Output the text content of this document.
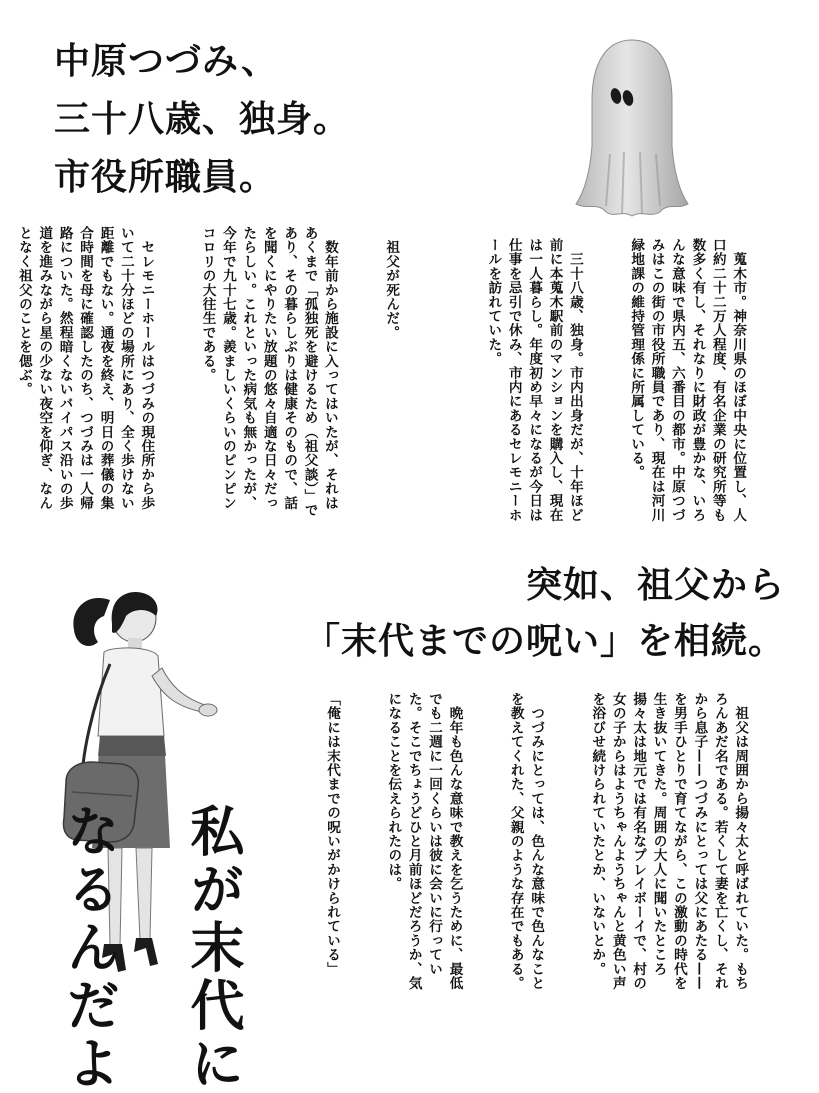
中原つづみ、
三十八歳、独身。
市役所職員。

　蒐木市。神奈川県のほぼ中央に位置し、人口約二十二万人程度、有名企業の研究所等も数多く有し、それなりに財政が豊かな、いろんな意味で県内五、六番目の都市。中原つづみはこの街の市役所職員であり、現在は河川緑地課の維持管理係に所属している。

　三十八歳、独身。市内出身だが、十年ほど前に本蒐木駅前のマンションを購入し、現在は一人暮らし。年度初め早々になるが今日は仕事を忌引で休み、市内にあるセレモニーホールを訪れていた。

　祖父が死んだ。

　数年前から施設に入ってはいたが、それはあくまで「孤独死を避けるため（祖父談）」であり、その暮らしぶりは健康そのもので、話を聞くにやりたい放題の悠々自適な日々だったらしい。これといった病気も無かったが、今年で九十七歳。羨ましいくらいのピンピンコロリの大往生である。

　セレモニーホールはつづみの現住所から歩いて二十分ほどの場所にあり、全く歩けない距離でもない。通夜を終え、明日の葬儀の集合時間を母に確認したのち、つづみは一人帰路についた。然程暗くないバイパス沿いの歩道を進みながら星の少ない夜空を仰ぎ、なんとなく祖父のことを偲ぶ。

突如、祖父から
「末代までの呪い」を相続。

私が末代に

なるんだよ

	　祖父は周囲から揚々太と呼ばれていた。もちろんあだ名である。若くして妻を亡くし、それから息子——つづみにとっては父にあたる——を男手ひとりで育てながら、この激動の時代を生き抜いてきた。周囲の大人に聞いたところ揚々太は地元では有名なプレイボーイで、村の女の子からはようちゃんようちゃんと黄色い声を浴びせ続けられていたとか、いないとか。

　つづみにとっては、色んな意味で色んなことを教えてくれた、父親のような存在でもある。

　晩年も色んな意味で教えを乞うために、最低でも二週に一回くらいは彼に会いに行っていた。そこでちょうどひと月前ほどだろうか、気になることを伝えられたのは。

「俺には末代までの呪いがかけられている」
